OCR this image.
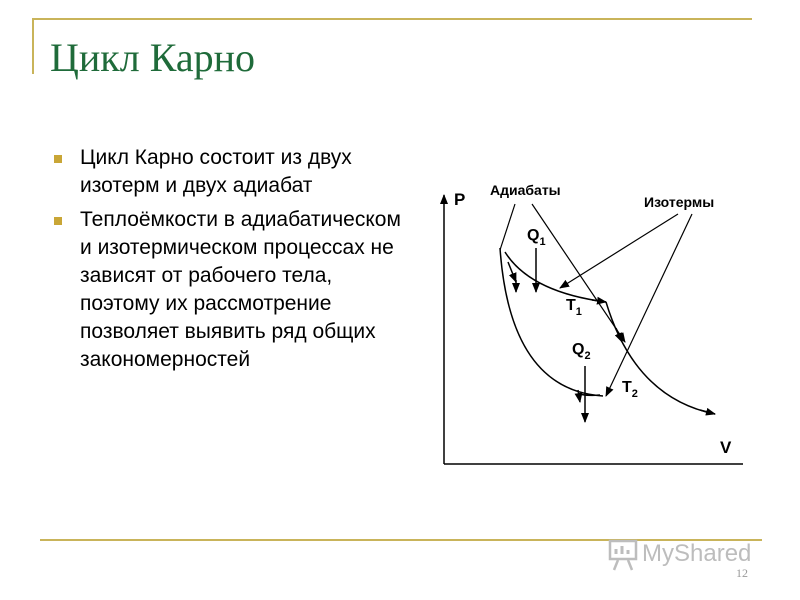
Цикл Карно
Цикл Карно состоит из двух изотерм и двух адиабат
Теплоёмкости в адиабатическом и изотермическом процессах не зависят от рабочего тела, поэтому их рассмотрение позволяет выявить ряд общих закономерностей
P
V
Адиабаты
Изотермы
$Q_1$
$T_1$
$Q_2$
$T_2$
MyShared
12
